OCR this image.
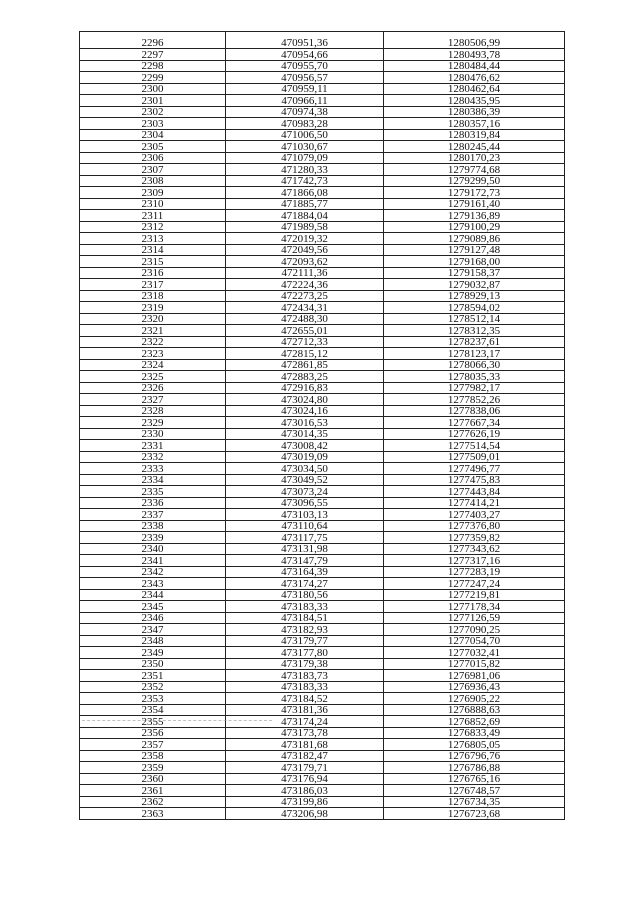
2296	470951,36	1280506,99
2297	470954,66	1280493,78
2298	470955,70	1280484,44
2299	470956,57	1280476,62
2300	470959,11	1280462,64
2301	470966,11	1280435,95
2302	470974,38	1280386,39
2303	470983,28	1280357,16
2304	471006,50	1280319,84
2305	471030,67	1280245,44
2306	471079,09	1280170,23
2307	471280,33	1279774,68
2308	471742,73	1279299,50
2309	471866,08	1279172,73
2310	471885,77	1279161,40
2311	471884,04	1279136,89
2312	471989,58	1279100,29
2313	472019,32	1279089,86
2314	472049,56	1279127,48
2315	472093,62	1279168,00
2316	472111,36	1279158,37
2317	472224,36	1279032,87
2318	472273,25	1278929,13
2319	472434,31	1278594,02
2320	472488,30	1278512,14
2321	472655,01	1278312,35
2322	472712,33	1278237,61
2323	472815,12	1278123,17
2324	472861,85	1278066,30
2325	472883,25	1278035,33
2326	472916,83	1277982,17
2327	473024,80	1277852,26
2328	473024,16	1277838,06
2329	473016,53	1277667,34
2330	473014,35	1277626,19
2331	473008,42	1277514,54
2332	473019,09	1277509,01
2333	473034,50	1277496,77
2334	473049,52	1277475,83
2335	473073,24	1277443,84
2336	473096,55	1277414,21
2337	473103,13	1277403,27
2338	473110,64	1277376,80
2339	473117,75	1277359,82
2340	473131,98	1277343,62
2341	473147,79	1277317,16
2342	473164,39	1277283,19
2343	473174,27	1277247,24
2344	473180,56	1277219,81
2345	473183,33	1277178,34
2346	473184,51	1277126,59
2347	473182,93	1277090,25
2348	473179,77	1277054,70
2349	473177,80	1277032,41
2350	473179,38	1277015,82
2351	473183,73	1276981,06
2352	473183,33	1276936,43
2353	473184,52	1276905,22
2354	473181,36	1276888,63
2355	473174,24	1276852,69
2356	473173,78	1276833,49
2357	473181,68	1276805,05
2358	473182,47	1276796,76
2359	473179,71	1276786,88
2360	473176,94	1276765,16
2361	473186,03	1276748,57
2362	473199,86	1276734,35
2363	473206,98	1276723,68
